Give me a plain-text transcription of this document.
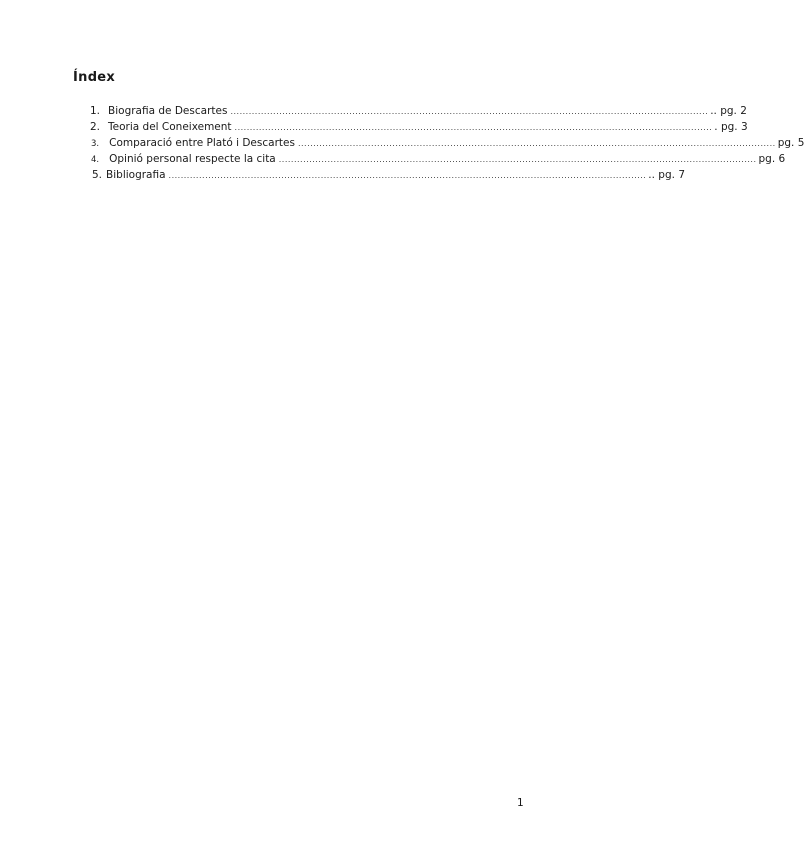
Índex
1. Biografia de Descartes ............................................................................................................................................................. .. pg. 2
2. Teoria del Coneixement ............................................................................................................................................................. . pg. 3
3. Comparació entre Plató i Descartes ............................................................................................................................................................. pg. 5
4. Opinió personal respecte la cita ............................................................................................................................................................. pg. 6
5. Bibliografia ............................................................................................................................................................. .. pg. 7
1
